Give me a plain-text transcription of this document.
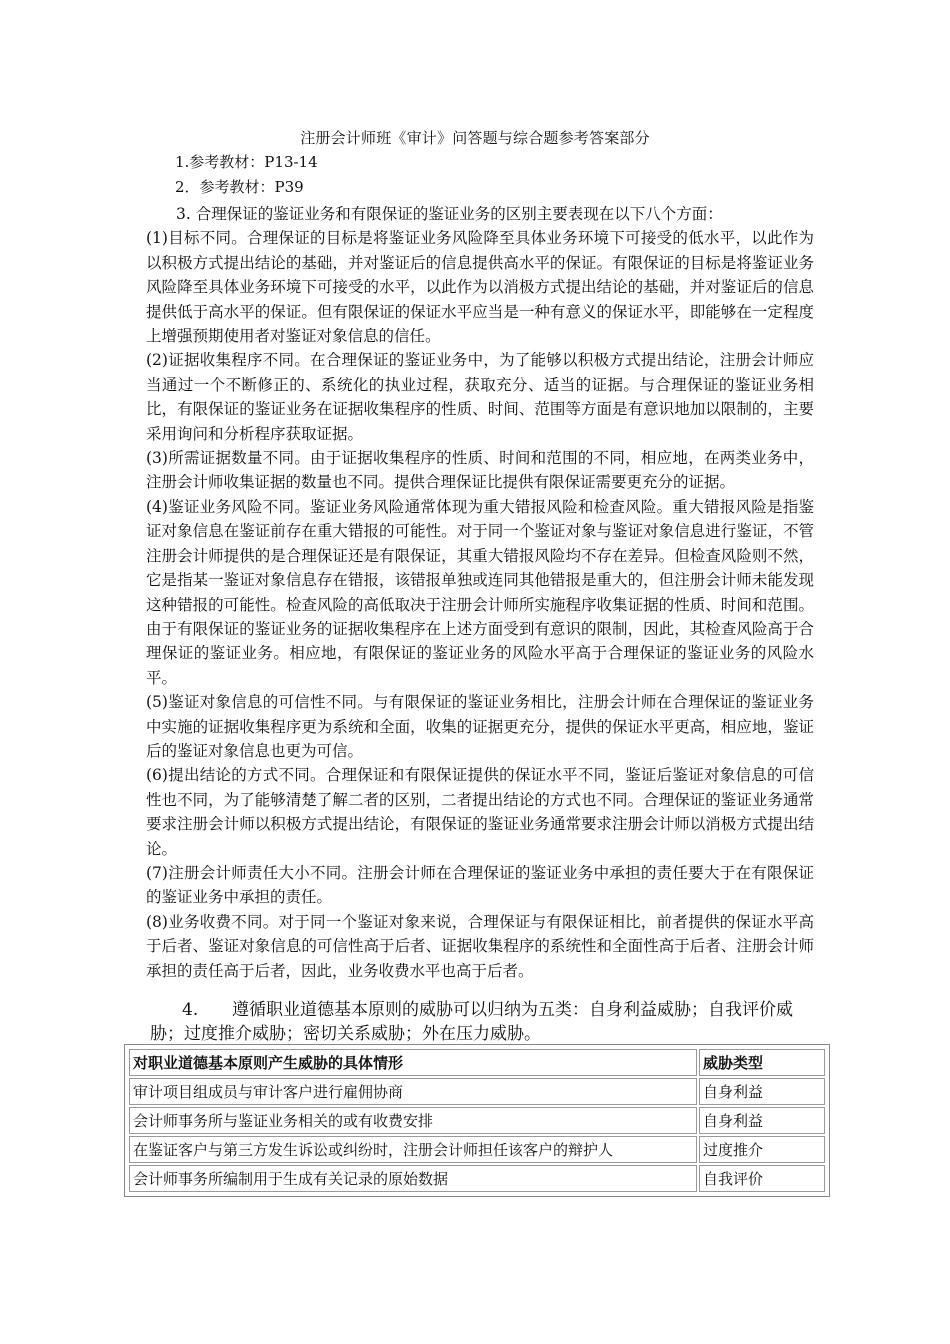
注册会计师班《审计》问答题与综合题参考答案部分
1.参考教材：P13-14
2．参考教材：P39

3. 合理保证的鉴证业务和有限保证的鉴证业务的区别主要表现在以下八个方面：

(1)目标不同。合理保证的目标是将鉴证业务风险降至具体业务环境下可接受的低水平，以此作为以积极方式提出结论的基础，并对鉴证后的信息提供高水平的保证。有限保证的目标是将鉴证业务风险降至具体业务环境下可接受的水平，以此作为以消极方式提出结论的基础，并对鉴证后的信息提供低于高水平的保证。但有限保证的保证水平应当是一种有意义的保证水平，即能够在一定程度上增强预期使用者对鉴证对象信息的信任。

(2)证据收集程序不同。在合理保证的鉴证业务中，为了能够以积极方式提出结论，注册会计师应当通过一个不断修正的、系统化的执业过程，获取充分、适当的证据。与合理保证的鉴证业务相比，有限保证的鉴证业务在证据收集程序的性质、时间、范围等方面是有意识地加以限制的，主要采用询问和分析程序获取证据。

(3)所需证据数量不同。由于证据收集程序的性质、时间和范围的不同，相应地，在两类业务中，注册会计师收集证据的数量也不同。提供合理保证比提供有限保证需要更充分的证据。

(4)鉴证业务风险不同。鉴证业务风险通常体现为重大错报风险和检查风险。重大错报风险是指鉴证对象信息在鉴证前存在重大错报的可能性。对于同一个鉴证对象与鉴证对象信息进行鉴证，不管注册会计师提供的是合理保证还是有限保证，其重大错报风险均不存在差异。但检查风险则不然，它是指某一鉴证对象信息存在错报，该错报单独或连同其他错报是重大的，但注册会计师未能发现这种错报的可能性。检查风险的高低取决于注册会计师所实施程序收集证据的性质、时间和范围。由于有限保证的鉴证业务的证据收集程序在上述方面受到有意识的限制，因此，其检查风险高于合理保证的鉴证业务。相应地，有限保证的鉴证业务的风险水平高于合理保证的鉴证业务的风险水平。

(5)鉴证对象信息的可信性不同。与有限保证的鉴证业务相比，注册会计师在合理保证的鉴证业务中实施的证据收集程序更为系统和全面，收集的证据更充分，提供的保证水平更高，相应地，鉴证后的鉴证对象信息也更为可信。

(6)提出结论的方式不同。合理保证和有限保证提供的保证水平不同，鉴证后鉴证对象信息的可信性也不同，为了能够清楚了解二者的区别，二者提出结论的方式也不同。合理保证的鉴证业务通常要求注册会计师以积极方式提出结论，有限保证的鉴证业务通常要求注册会计师以消极方式提出结论。

(7)注册会计师责任大小不同。注册会计师在合理保证的鉴证业务中承担的责任要大于在有限保证的鉴证业务中承担的责任。

(8)业务收费不同。对于同一个鉴证对象来说，合理保证与有限保证相比，前者提供的保证水平高于后者、鉴证对象信息的可信性高于后者、证据收集程序的系统性和全面性高于后者、注册会计师承担的责任高于后者，因此，业务收费水平也高于后者。

4. 遵循职业道德基本原则的威胁可以归纳为五类：自身利益威胁；自我评价威胁；过度推介威胁；密切关系威胁；外在压力威胁。
对职业道德基本原则产生威胁的具体情形	威胁类型
审计项目组成员与审计客户进行雇佣协商	自身利益
会计师事务所与鉴证业务相关的或有收费安排	自身利益
在鉴证客户与第三方发生诉讼或纠纷时，注册会计师担任该客户的辩护人	过度推介
会计师事务所编制用于生成有关记录的原始数据	自我评价
